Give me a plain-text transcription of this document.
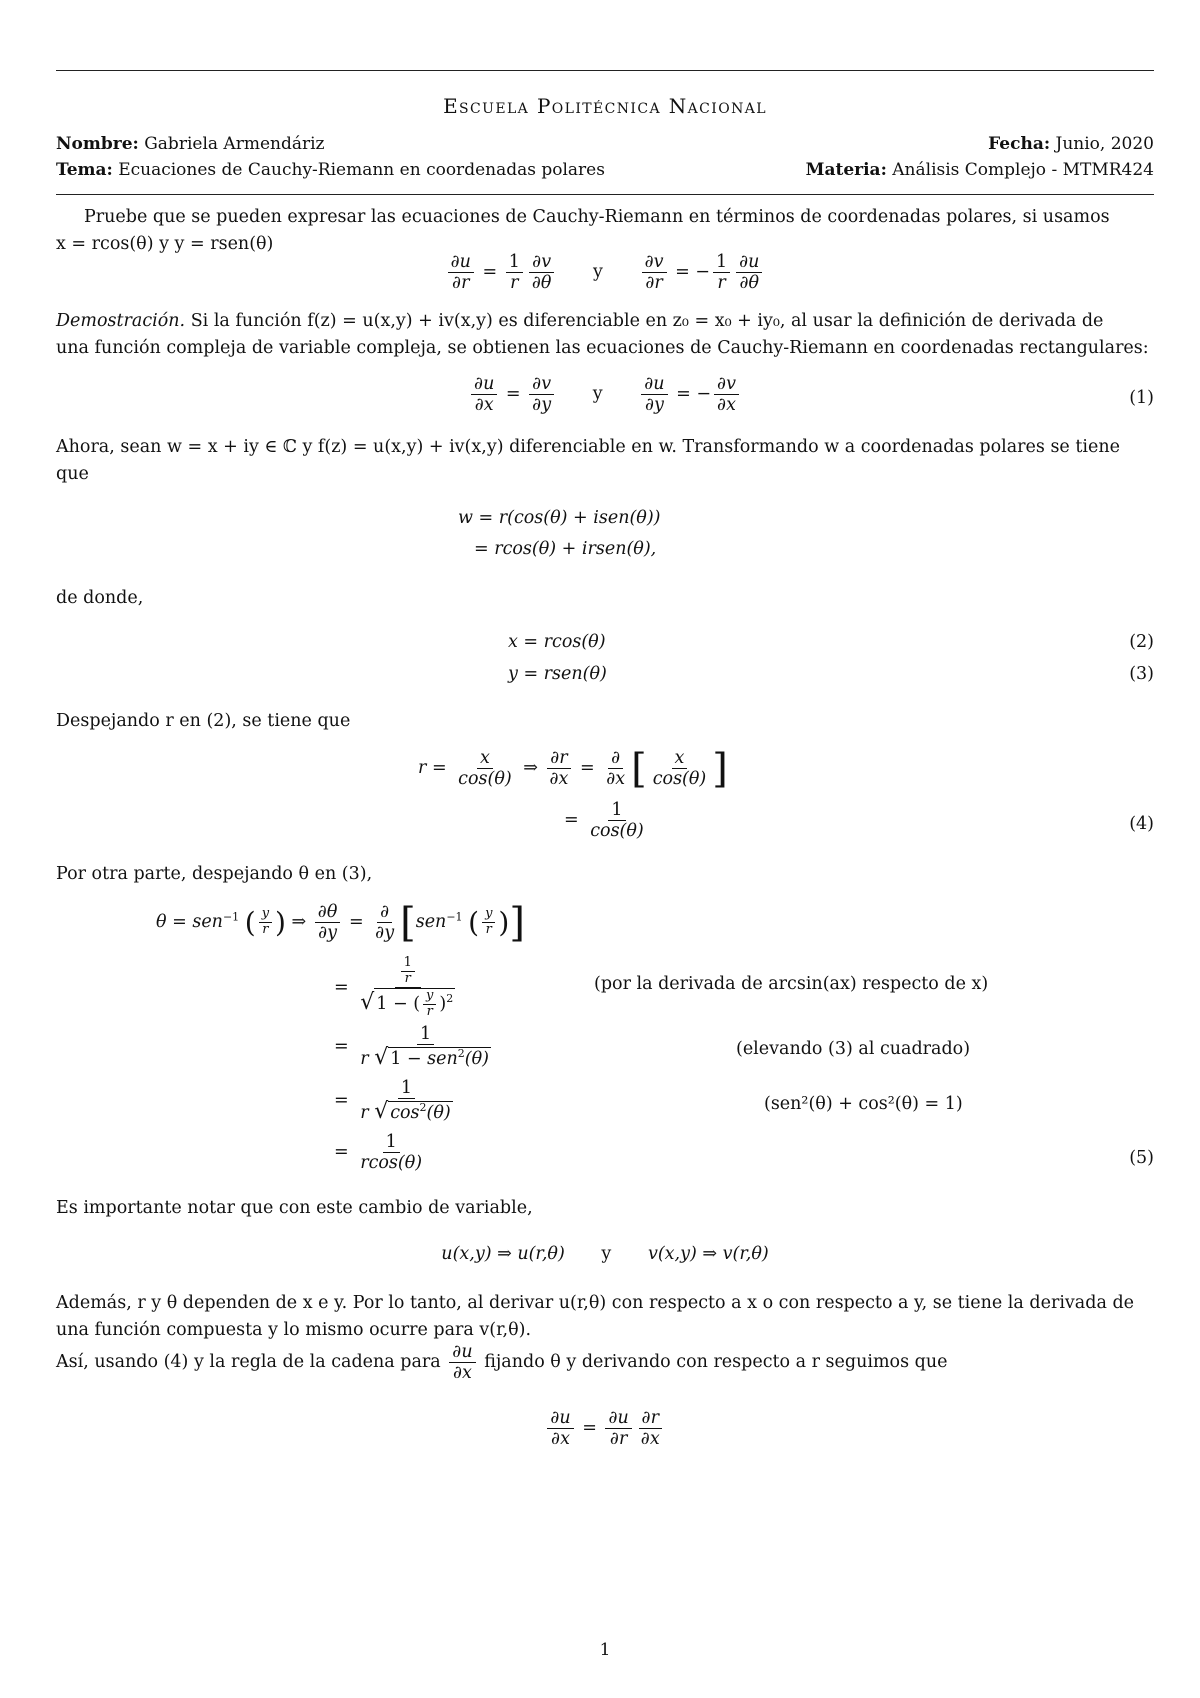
Escuela Politécnica Nacional
Nombre: Gabriela Armendáriz	Fecha: Junio, 2020
Tema: Ecuaciones de Cauchy-Riemann en coordenadas polares	Materia: Análisis Complejo - MTMR424
Pruebe que se pueden expresar las ecuaciones de Cauchy-Riemann en términos de coordenadas polares, si usamos
x = rcos(θ) y y = rsen(θ)
$\frac{\partial u}{\partial r} = \frac{1}{r} \frac{\partial v}{\partial\theta}$ y $\frac{\partial v}{\partial r}$ = − $\frac{1}{r} \frac{\partial u}{\partial\theta}$
Demostración. Si la función f(z) = u(x,y) + iv(x,y) es diferenciable en z₀ = x₀ + iy₀, al usar la definición de derivada de
una función compleja de variable compleja, se obtienen las ecuaciones de Cauchy-Riemann en coordenadas rectangulares:
$\frac{\partial u}{\partial x} = \frac{\partial v}{\partial y}$ y $\frac{\partial u}{\partial y}$ = − $\frac{\partial v}{\partial x}$	(1)
Ahora, sean w = x + iy ∈ ℂ y f(z) = u(x,y) + iv(x,y) diferenciable en w. Transformando w a coordenadas polares se tiene
que
w = r(cos(θ) + isen(θ))
= rcos(θ) + irsen(θ),
de donde,
x = rcos(θ)	(2)
y = rsen(θ)	(3)
Despejando r en (2), se tiene que
$r = \frac{x}{\cos(\theta)}$ ⇒ $\frac{\partial r}{\partial x} = \frac{\partial}{\partial x}$ [ $\frac{x}{\cos(\theta)}$ ]
= $\frac{1}{\cos(\theta)}$	(4)
Por otra parte, despejando θ en (3),
θ = sen$^{-1}$ ( $\frac{y}{r}$ ) ⇒ $\frac{\partial\theta}{\partial y} = \frac{\partial}{\partial y} [sen^{-1}$ ( $\frac{y}{r}$ )]
= $\frac{\frac{1}{r}}{√ 1 - ( \frac{y}{r} )^2}$	(por la derivada de arcsin(ax) respecto de x)
= $\frac{1}{r √ 1 - sen^2(\theta)}$	(elevando (3) al cuadrado)
= $\frac{1}{r √ \cos^2(\theta)}$	(sen²(θ) + cos²(θ) = 1)
= $\frac{1}{rcos(\theta)}$	(5)
Es importante notar que con este cambio de variable,
u(x,y) ⇒ u(r,θ) y v(x,y) ⇒ v(r,θ)
Además, r y θ dependen de x e y. Por lo tanto, al derivar u(r,θ) con respecto a x o con respecto a y, se tiene la derivada de
una función compuesta y lo mismo ocurre para v(r,θ).
Así, usando (4) y la regla de la cadena para $\frac{\partial u}{\partial x}$ fijando θ y derivando con respecto a r seguimos que
$\frac{\partial u}{\partial x} = \frac{\partial u}{\partial r} \frac{\partial r}{\partial x}$
1
